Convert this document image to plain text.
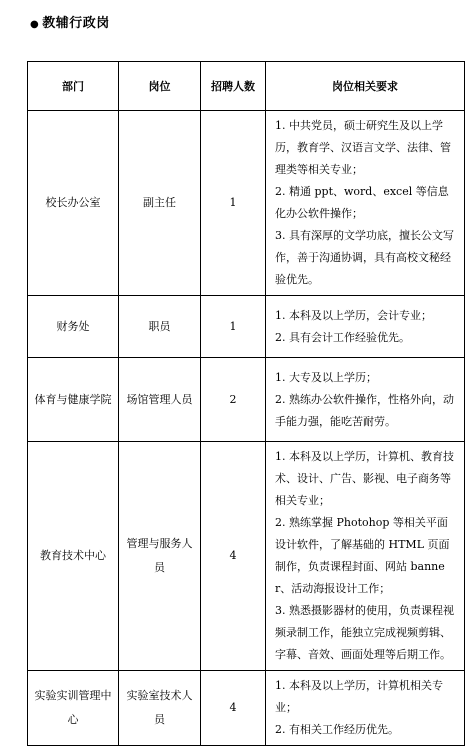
● 教辅行政岗
部门	岗位	招聘人数	岗位相关要求
校长办公室	副主任	1	1. 中共党员，硕士研究生及以上学历，教育学、汉语言文学、法律、管理类等相关专业；
2. 精通 ppt、word、excel 等信息化办公软件操作；
3. 具有深厚的文学功底，擅长公文写作，善于沟通协调，具有高校文秘经验优先。

财务处	职员	1	1. 本科及以上学历，会计专业；
2. 具有会计工作经验优先。

体育与健康学院	场馆管理人员	2	1. 大专及以上学历；
2. 熟练办公软件操作，性格外向，动手能力强，能吃苦耐劳。

教育技术中心	管理与服务人员	4	1. 本科及以上学历，计算机、教育技术、设计、广告、影视、电子商务等相关专业；
2. 熟练掌握 Photohop 等相关平面设计软件，了解基础的 HTML 页面制作，负责课程封面、网站 banner、活动海报设计工作；
3. 熟悉摄影器材的使用，负责课程视频录制工作，能独立完成视频剪辑、字幕、音效、画面处理等后期工作。

实验实训管理中心	实验室技术人员	4	1. 本科及以上学历，计算机相关专业；
2. 有相关工作经历优先。
